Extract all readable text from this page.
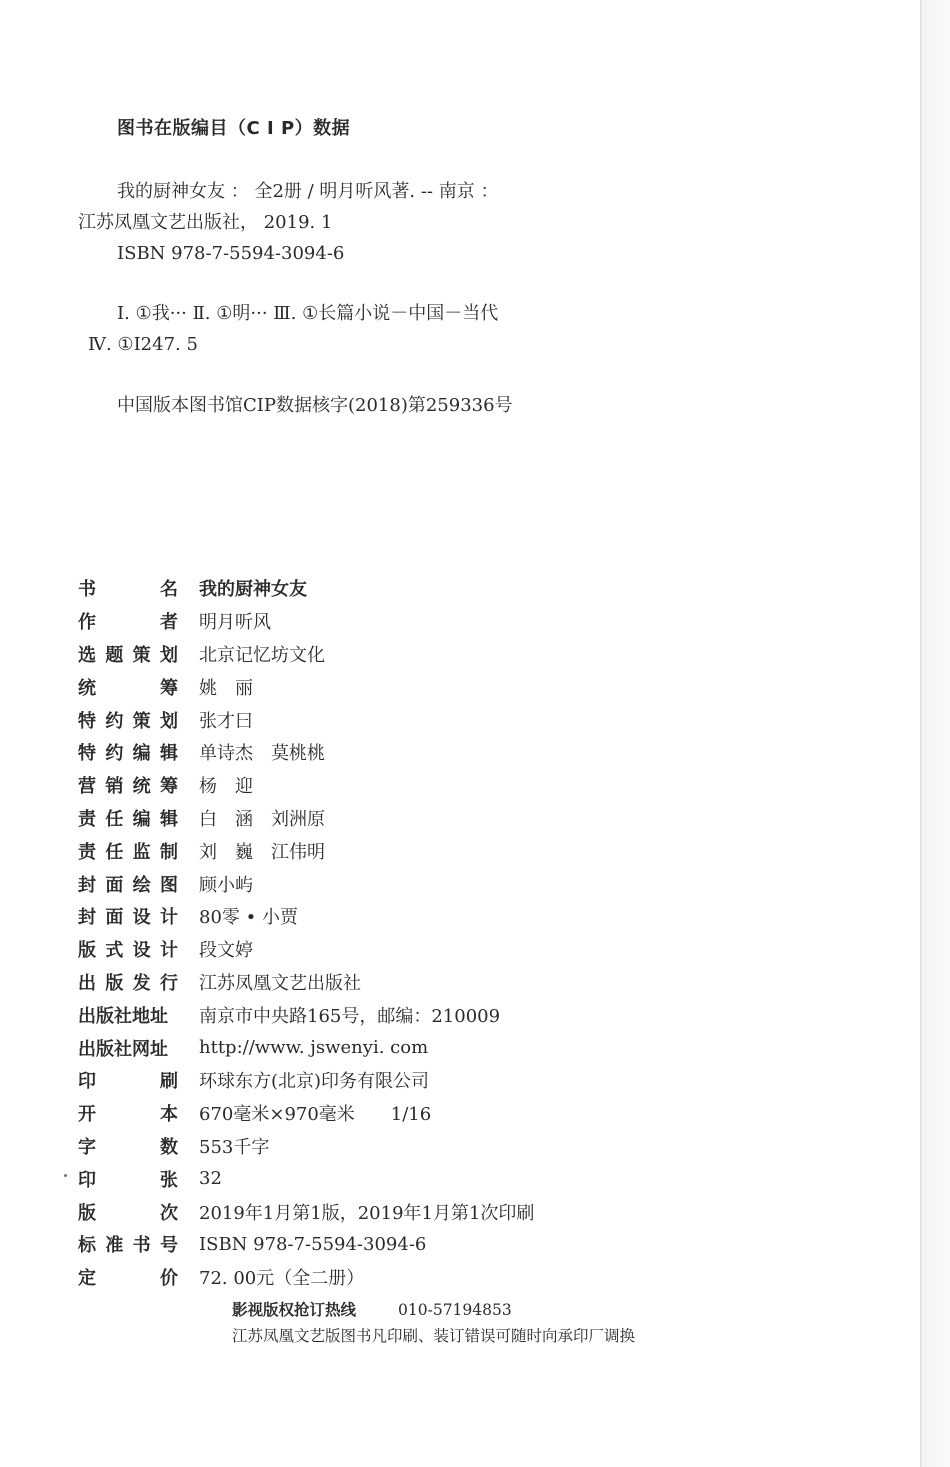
图书在版编目（C I P）数据
我的厨神女友 ： 全2册 / 明月听风著. -- 南京 ：
江苏凤凰文艺出版社， 2019. 1
ISBN 978-7-5594-3094-6
Ⅰ. ①我··· Ⅱ. ①明··· Ⅲ. ①长篇小说－中国－当代
Ⅳ. ①I247. 5
中国版本图书馆CIP数据核字(2018)第259336号
书	名 我的厨神女友
作	者 明月听风
选 题 策 划 北京记忆坊文化
统	筹 姚　丽
特 约 策 划 张才曰
特 约 编 辑 单诗杰　莫桃桃
营 销 统 筹 杨　迎
责 任 编 辑 白　涵　刘洲原
责 任 监 制 刘　巍　江伟明
封 面 绘 图 顾小屿
封 面 设 计 80零 • 小贾
版 式 设 计 段文婷
出 版 发 行 江苏凤凰文艺出版社
出版社地址 南京市中央路165号，邮编：210009
出版社网址 http://www. jswenyi. com
印	刷 环球东方(北京)印务有限公司
开	本 670毫米×970毫米　　1/16
字	数 553千字
印	张 32
版	次 2019年1月第1版，2019年1月第1次印刷
标 准 书 号 ISBN 978-7-5594-3094-6
定	价 72. 00元（全二册）
影视版权抢订热线	010-57194853
江苏凤凰文艺版图书凡印刷、装订错误可随时向承印厂调换
